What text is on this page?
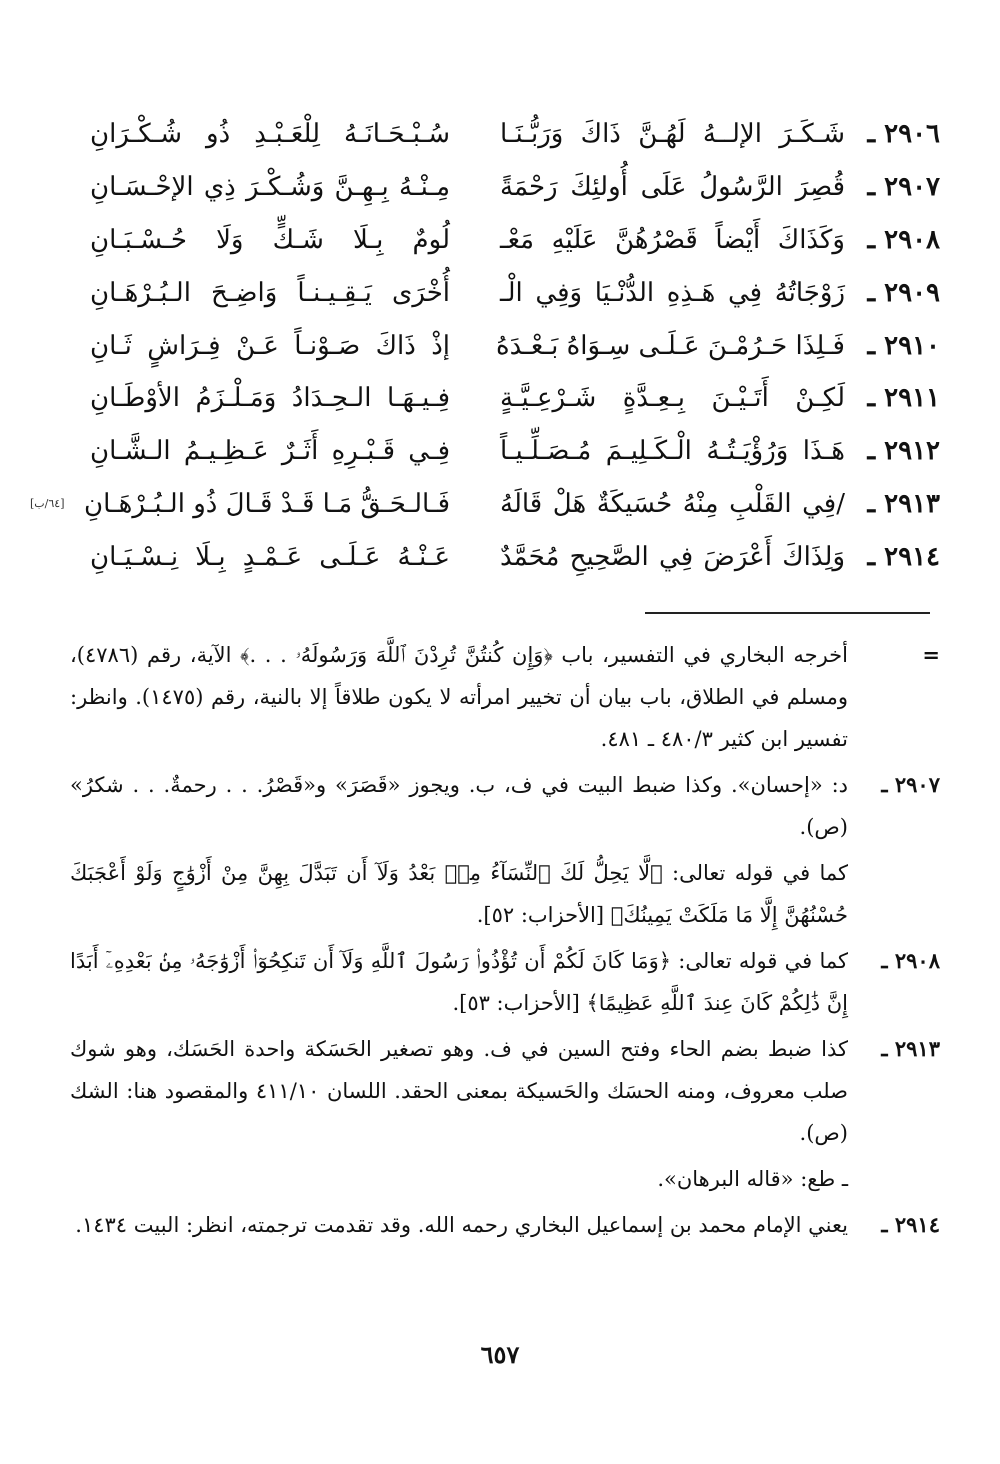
٢٩٠٦ ـ
شَـكَـرَ الإلــهُ لَهُـنَّ ذَاكَ وَرَبُّـنَـا
سُـبْـحَـانَـهُ لِلْعَـبْـدِ ذُو شُـكْـرَانِ
٢٩٠٧ ـ
قُصِرَ الرَّسُولُ عَلَى أُولئِكَ رَحْمَةً
مِـنْـهُ بِـهِـنَّ وَشُـكْـرَ ذِي الإحْـسَـانِ
٢٩٠٨ ـ
وَكَذَاكَ أَيْضاً قَصْرُهُنَّ عَلَيْهِ مَعْـ
لُومٌ بِـلَا شَـكٍّ وَلَا حُـسْـبَـانِ
٢٩٠٩ ـ
زَوْجَاتُهُ فِي هَـذِهِ الدُّنْـيَا وَفِي الْـ
أُخْرَى يَـقِـيـنـاً وَاضِـحَ الـبُـرْهَـانِ
٢٩١٠ ـ
فَـلِذَا حَـرُمْـنَ عَـلَـى سِـوَاهُ بَـعْـدَهُ
إذْ ذَاكَ صَـوْنـاً عَـنْ فِـرَاشٍ ثَـانِ
٢٩١١ ـ
لَكِـنْ أَتَـيْـنَ بِـعِـدَّةٍ شَـرْعِـيَّـةٍ
فِـيـهَـا الـحِـدَادُ وَمَـلْـزَمُ الأوْطَـانِ
٢٩١٢ ـ
هَـذَا وَرُؤْيَـتُـهُ الْـكَـلِيـمَ مُـصَـلِّـيـاً
فِـي قَـبْـرِهِ أَثَـرٌ عَـظِـيـمُ الـشَّـانِ
٢٩١٣ ـ
/فِي القَلْبِ مِنْهُ حُسَيكَةٌ هَلْ قَالَهُ
فَـالـحَـقُّ مَـا قَـدْ قَـالَ ذُو الـبُـرْهَـانِ
[٦٤/ب]
٢٩١٤ ـ
وَلِذَاكَ أَعْرَضَ فِي الصَّحِيحِ مُحَمَّدٌ
عَـنْـهُ عَـلَـى عَـمْـدٍ بِـلَا نِـسْـيَـانِ
=
أخرجه البخاري في التفسير، باب ﴿وَإِن كُنتُنَّ تُرِدْنَ ٱللَّهَ وَرَسُولَهُۥ . . .﴾ الآية، رقم (٤٧٨٦)، ومسلم في الطلاق، باب بيان أن تخيير امرأته لا يكون طلاقاً إلا بالنية، رقم (١٤٧٥). وانظر: تفسير ابن كثير ٤٨٠/٣ ـ ٤٨١.
٢٩٠٧ ـ
د: «إحسان». وكذا ضبط البيت في ف، ب. ويجوز «قَصَرَ» و«قَصْرُ. . . رحمةٌ. . . شكرُ» (ص).
كما في قوله تعالى: ﴿لَّا يَحِلُّ لَكَ ٱلنِّسَآءُ مِنۢ بَعْدُ وَلَآ أَن تَبَدَّلَ بِهِنَّ مِنْ أَزْوَٰجٍ وَلَوْ أَعْجَبَكَ حُسْنُهُنَّ إِلَّا مَا مَلَكَتْ يَمِينُكَ﴾ [الأحزاب: ٥٢].
٢٩٠٨ ـ
كما في قوله تعالى: ﴿وَمَا كَانَ لَكُمْ أَن تُؤْذُوا۟ رَسُولَ ٱللَّهِ وَلَآ أَن تَنكِحُوٓا۟ أَزْوَٰجَهُۥ مِنۢ بَعْدِهِۦٓ أَبَدًا إِنَّ ذَٰلِكُمْ كَانَ عِندَ ٱللَّهِ عَظِيمًا﴾ [الأحزاب: ٥٣].
٢٩١٣ ـ
كذا ضبط بضم الحاء وفتح السين في ف. وهو تصغير الحَسَكة واحدة الحَسَك، وهو شوك صلب معروف، ومنه الحسَك والحَسيكة بمعنى الحقد. اللسان ٤١١/١٠ والمقصود هنا: الشك (ص).
ـ طع: «قاله البرهان».
٢٩١٤ ـ
يعني الإمام محمد بن إسماعيل البخاري رحمه الله. وقد تقدمت ترجمته، انظر: البيت ١٤٣٤.
٦٥٧
